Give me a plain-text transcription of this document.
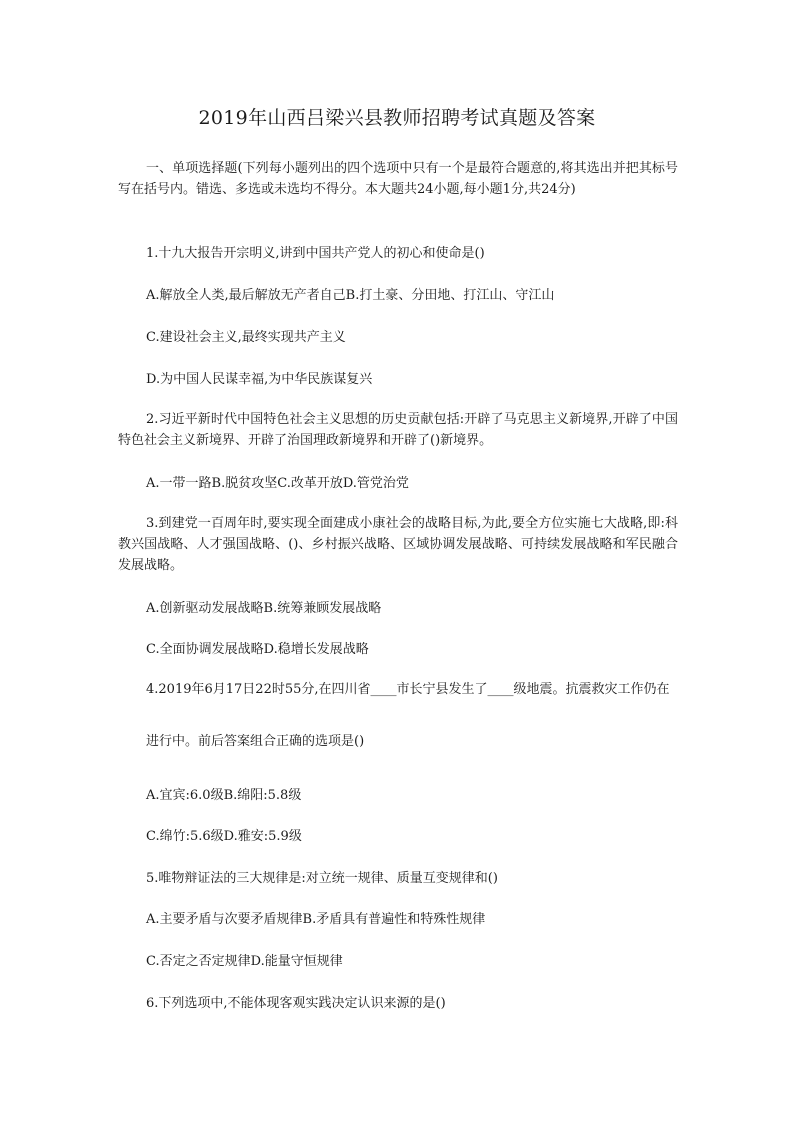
2019年山西吕梁兴县教师招聘考试真题及答案

一、单项选择题(下列每小题列出的四个选项中只有一个是最符合题意的,将其选出并把其标号写在括号内。错选、多选或未选均不得分。本大题共24小题,每小题1分,共24分)

1.十九大报告开宗明义,讲到中国共产党人的初心和使命是()

A.解放全人类,最后解放无产者自己B.打土豪、分田地、打江山、守江山

C.建设社会主义,最终实现共产主义

D.为中国人民谋幸福,为中华民族谋复兴

2.习近平新时代中国特色社会主义思想的历史贡献包括:开辟了马克思主义新境界,开辟了中国特色社会主义新境界、开辟了治国理政新境界和开辟了()新境界。

A.一带一路B.脱贫攻坚C.改革开放D.管党治党

3.到建党一百周年时,要实现全面建成小康社会的战略目标,为此,要全方位实施七大战略,即:科教兴国战略、人才强国战略、()、乡村振兴战略、区域协调发展战略、可持续发展战略和军民融合发展战略。

A.创新驱动发展战略B.统筹兼顾发展战略

C.全面协调发展战略D.稳增长发展战略

4.2019年6月17日22时55分,在四川省____市长宁县发生了____级地震。抗震救灾工作仍在

进行中。前后答案组合正确的选项是()

A.宜宾:6.0级B.绵阳:5.8级

C.绵竹:5.6级D.雅安:5.9级

5.唯物辩证法的三大规律是:对立统一规律、质量互变规律和()

A.主要矛盾与次要矛盾规律B.矛盾具有普遍性和特殊性规律

C.否定之否定规律D.能量守恒规律

6.下列选项中,不能体现客观实践决定认识来源的是()
